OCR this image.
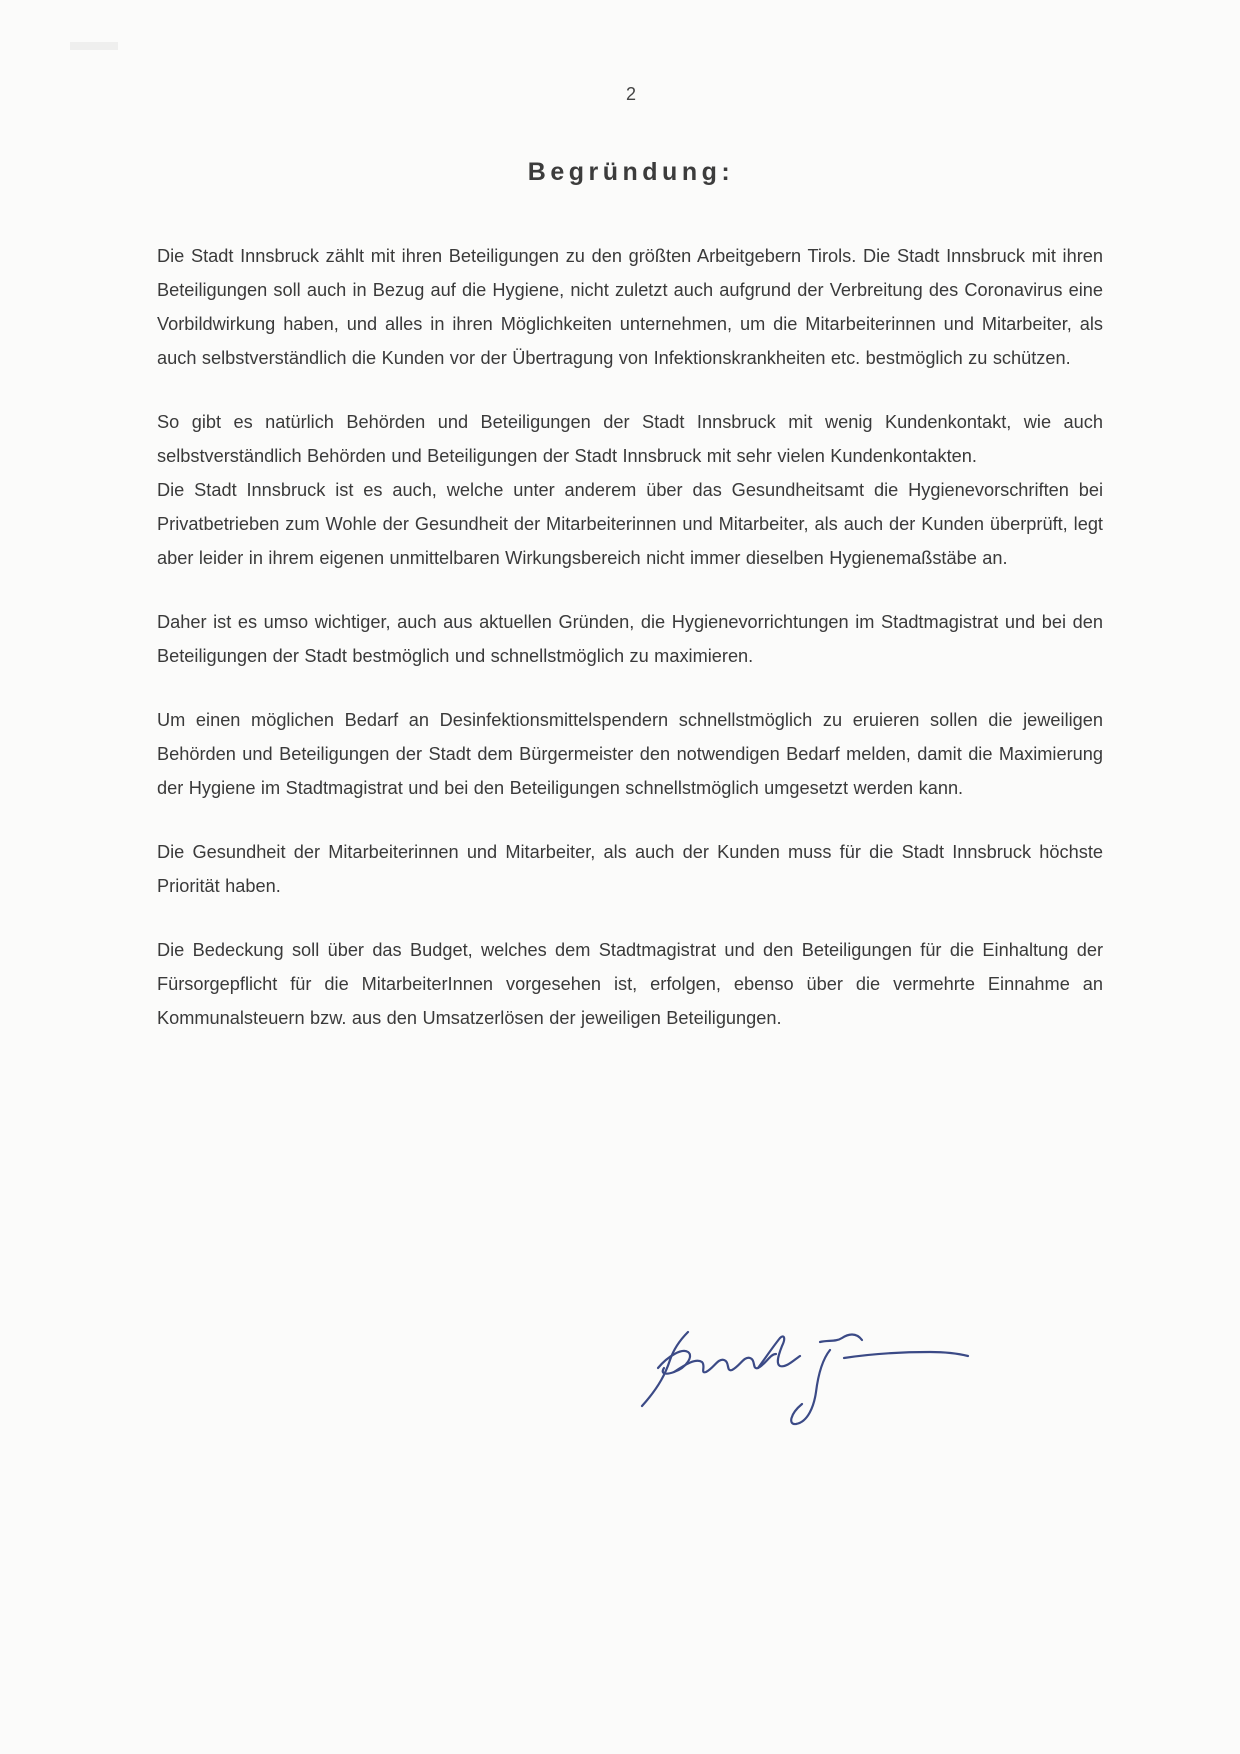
2
Begründung:

Die Stadt Innsbruck zählt mit ihren Beteiligungen zu den größten Arbeitgebern Tirols. Die Stadt Innsbruck mit ihren Beteiligungen soll auch in Bezug auf die Hygiene, nicht zuletzt auch aufgrund der Verbreitung des Coronavirus eine Vorbildwirkung haben, und alles in ihren Möglichkeiten unternehmen, um die Mitarbeiterinnen und Mitarbeiter, als auch selbstverständlich die Kunden vor der Übertragung von Infektionskrankheiten etc. bestmöglich zu schützen.

So gibt es natürlich Behörden und Beteiligungen der Stadt Innsbruck mit wenig Kundenkontakt, wie auch selbstverständlich Behörden und Beteiligungen der Stadt Innsbruck mit sehr vielen Kundenkontakten.

Die Stadt Innsbruck ist es auch, welche unter anderem über das Gesundheitsamt die Hygienevorschriften bei Privatbetrieben zum Wohle der Gesundheit der Mitarbeiterinnen und Mitarbeiter, als auch der Kunden überprüft, legt aber leider in ihrem eigenen unmittelbaren Wirkungsbereich nicht immer dieselben Hygienemaßstäbe an.

Daher ist es umso wichtiger, auch aus aktuellen Gründen, die Hygienevorrichtungen im Stadtmagistrat und bei den Beteiligungen der Stadt bestmöglich und schnellstmöglich zu maximieren.

Um einen möglichen Bedarf an Desinfektionsmittelspendern schnellstmöglich zu eruieren sollen die jeweiligen Behörden und Beteiligungen der Stadt dem Bürgermeister den notwendigen Bedarf melden, damit die Maximierung der Hygiene im Stadtmagistrat und bei den Beteiligungen schnellstmöglich umgesetzt werden kann.

Die Gesundheit der Mitarbeiterinnen und Mitarbeiter, als auch der Kunden muss für die Stadt Innsbruck höchste Priorität haben.

Die Bedeckung soll über das Budget, welches dem Stadtmagistrat und den Beteiligungen für die Einhaltung der Fürsorgepflicht für die MitarbeiterInnen vorgesehen ist, erfolgen, ebenso über die vermehrte Einnahme an Kommunalsteuern bzw. aus den Umsatzerlösen der jeweiligen Beteiligungen.
